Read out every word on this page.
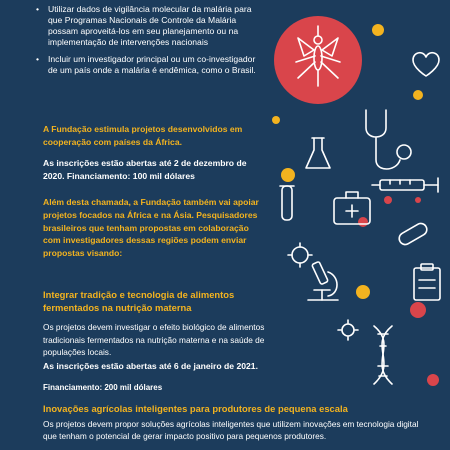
• Utilizar dados de vigilância molecular da malária para que Programas Nacionais de Controle da Malária possam aproveitá-los em seu planejamento ou na implementação de intervenções nacionais
• Incluir um investigador principal ou um co-investigador de um país onde a malária é endêmica, como o Brasil.

A Fundação estimula projetos desenvolvidos em cooperação com países da África.

As inscrições estão abertas até 2 de dezembro de 2020. Financiamento: 100 mil dólares

Além desta chamada, a Fundação também vai apoiar projetos focados na África e na Ásia. Pesquisadores brasileiros que tenham propostas em colaboração com investigadores dessas regiões podem enviar propostas visando:

Integrar tradição e tecnologia de alimentos fermentados na nutrição materna

Os projetos devem investigar o efeito biológico de alimentos tradicionais fermentados na nutrição materna e na saúde de populações locais.

As inscrições estão abertas até 6 de janeiro de 2021.

Financiamento: 200 mil dólares

Inovações agrícolas inteligentes para produtores de pequena escala

Os projetos devem propor soluções agrícolas inteligentes que utilizem inovações em tecnologia digital que tenham o potencial de gerar impacto positivo para pequenos produtores.
